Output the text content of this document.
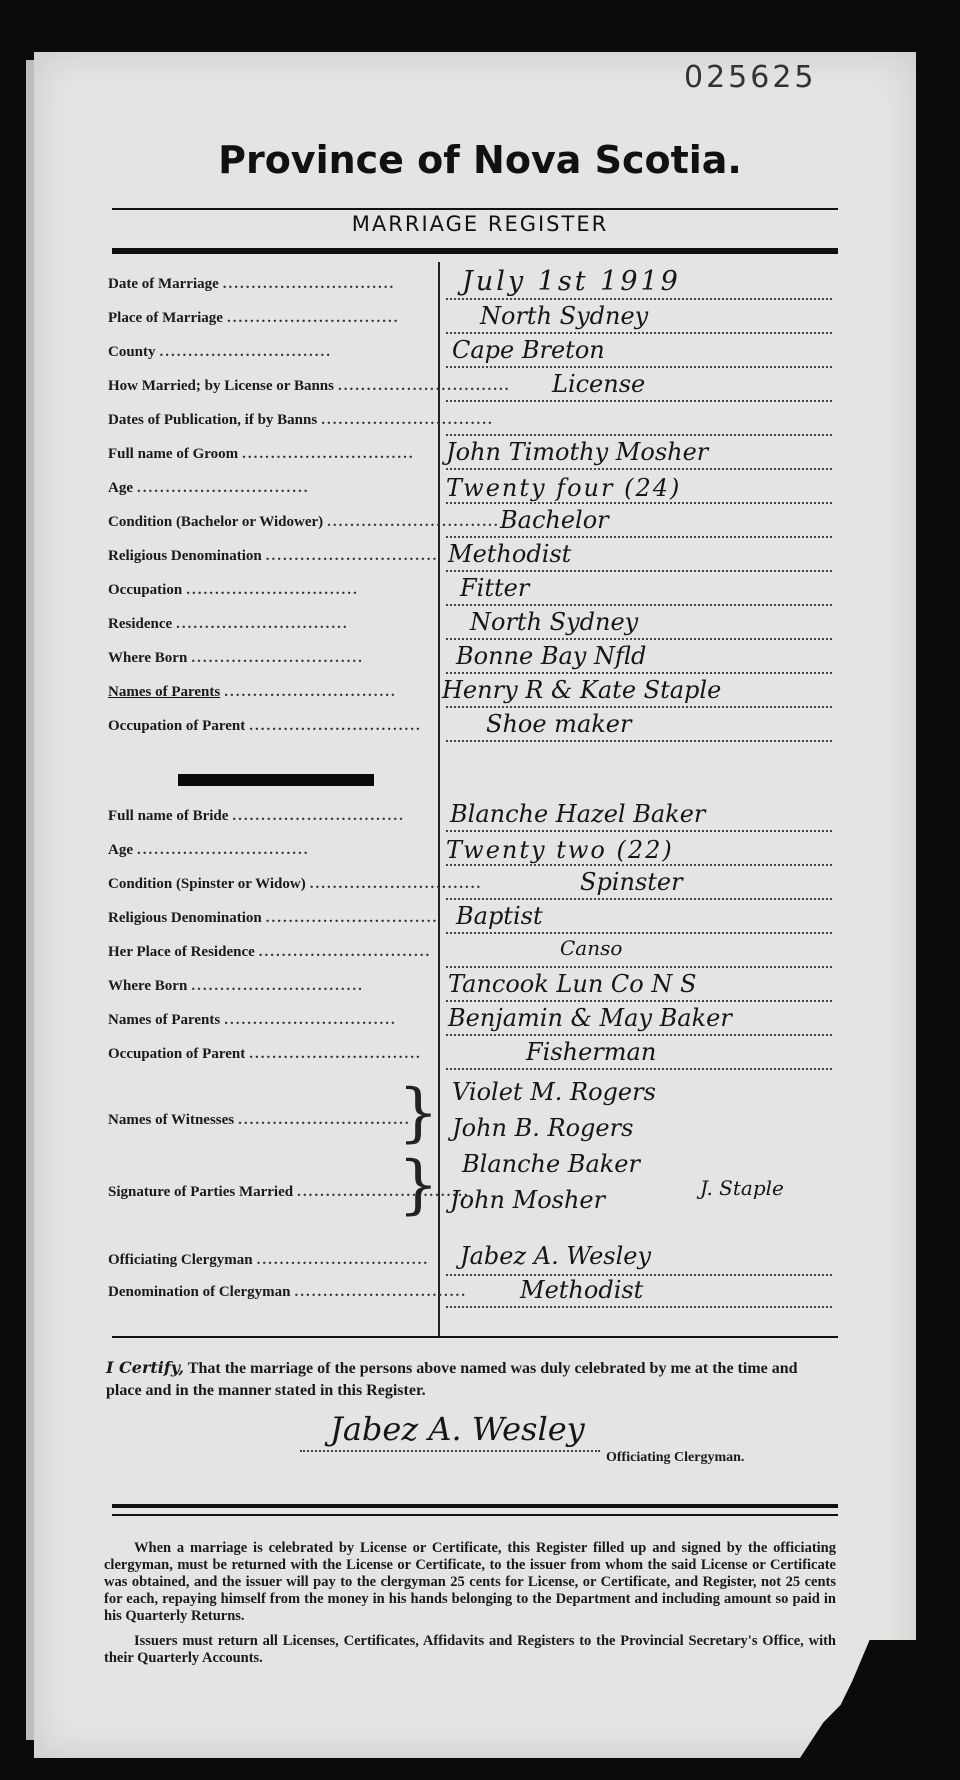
025625
Province of Nova Scotia.
MARRIAGE REGISTER
Date of Marriage ..............................
Place of Marriage ..............................
County ..............................
How Married; by License or Banns ..............................
Dates of Publication, if by Banns ..............................
Full name of Groom ..............................
Age ..............................
Condition (Bachelor or Widower) ..............................
Religious Denomination ..............................
Occupation ..............................
Residence ..............................
Where Born ..............................
Names of Parents ..............................
Occupation of Parent ..............................
Full name of Bride ..............................
Age ..............................
Condition (Spinster or Widow) ..............................
Religious Denomination ..............................
Her Place of Residence ..............................
Where Born ..............................
Names of Parents ..............................
Occupation of Parent ..............................
Names of Witnesses ..............................
}
Signature of Parties Married ..............................
}
Officiating Clergyman ..............................
Denomination of Clergyman ..............................
July 1st 1919
North Sydney
Cape Breton
License
John Timothy Mosher
Twenty four (24)
Bachelor
Methodist
Fitter
North Sydney
Bonne Bay Nfld
Henry R & Kate Staple
Shoe maker
Blanche Hazel Baker
Twenty two (22)
Spinster
Baptist
Canso
Tancook Lun Co N S
Benjamin & May Baker
Fisherman
Violet M. Rogers
John B. Rogers
Blanche Baker
John Mosher	J. Staple
Jabez A. Wesley
Methodist
I Certify, That the marriage of the persons above named was duly celebrated by me at the time and place and in the manner stated in this Register.
Jabez A. Wesley
Officiating Clergyman.

When a marriage is celebrated by License or Certificate, this Register filled up and signed by the officiating clergyman, must be returned with the License or Certificate, to the issuer from whom the said License or Certificate was obtained, and the issuer will pay to the clergyman 25 cents for License, or Certificate, and Register, not 25 cents for each, repaying himself from the money in his hands belonging to the Department and including amount so paid in his Quarterly Returns.

Issuers must return all Licenses, Certificates, Affidavits and Registers to the Provincial Secretary's Office, with their Quarterly Accounts.
